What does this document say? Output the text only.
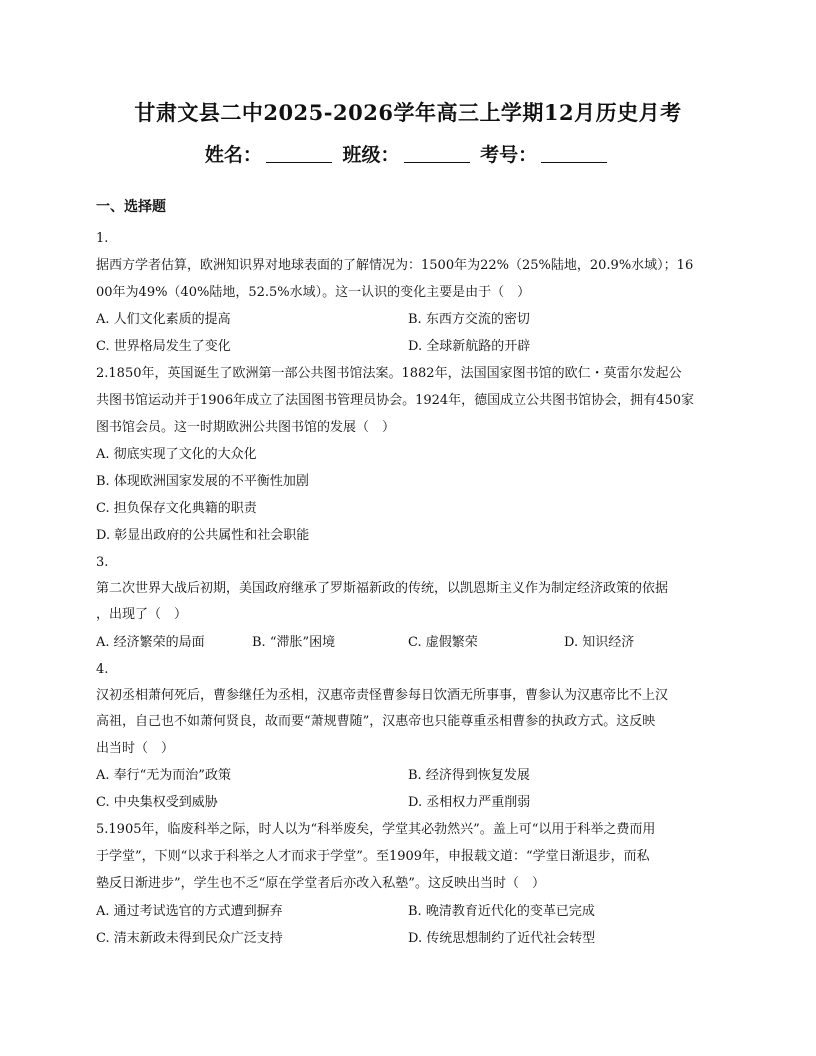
甘肃文县二中2025-2026学年高三上学期12月历史月考
姓名：	班级：	考号：
一、选择题
1.
据西方学者估算，欧洲知识界对地球表面的了解情况为：1500年为22%（25%陆地，20.9%水域）；16
00年为49%（40%陆地，52.5%水域）。这一认识的变化主要是由于（　）
A. 人们文化素质的提高	B. 东西方交流的密切
C. 世界格局发生了变化	D. 全球新航路的开辟
2.1850年，英国诞生了欧洲第一部公共图书馆法案。1882年，法国国家图书馆的欧仁・莫雷尔发起公
共图书馆运动并于1906年成立了法国图书管理员协会。1924年，德国成立公共图书馆协会，拥有450家
图书馆会员。这一时期欧洲公共图书馆的发展（　）
A. 彻底实现了文化的大众化
B. 体现欧洲国家发展的不平衡性加剧
C. 担负保存文化典籍的职责
D. 彰显出政府的公共属性和社会职能
3.
第二次世界大战后初期，美国政府继承了罗斯福新政的传统，以凯恩斯主义作为制定经济政策的依据
，出现了（　）
A. 经济繁荣的局面	B. “滞胀”困境	C. 虚假繁荣	D. 知识经济
4.
汉初丞相萧何死后，曹参继任为丞相，汉惠帝责怪曹参每日饮酒无所事事，曹参认为汉惠帝比不上汉
高祖，自己也不如萧何贤良，故而要“萧规曹随”，汉惠帝也只能尊重丞相曹参的执政方式。这反映
出当时（　）
A. 奉行“无为而治”政策	B. 经济得到恢复发展
C. 中央集权受到威胁	D. 丞相权力严重削弱
5.1905年，临废科举之际，时人以为“科举废矣，学堂其必勃然兴”。盖上可“以用于科举之费而用
于学堂”，下则“以求于科举之人才而求于学堂”。至1909年，申报载文道：“学堂日渐退步，而私
塾反日渐进步”，学生也不乏“原在学堂者后亦改入私塾”。这反映出当时（　）
A. 通过考试选官的方式遭到摒弃	B. 晚清教育近代化的变革已完成
C. 清末新政未得到民众广泛支持	D. 传统思想制约了近代社会转型
